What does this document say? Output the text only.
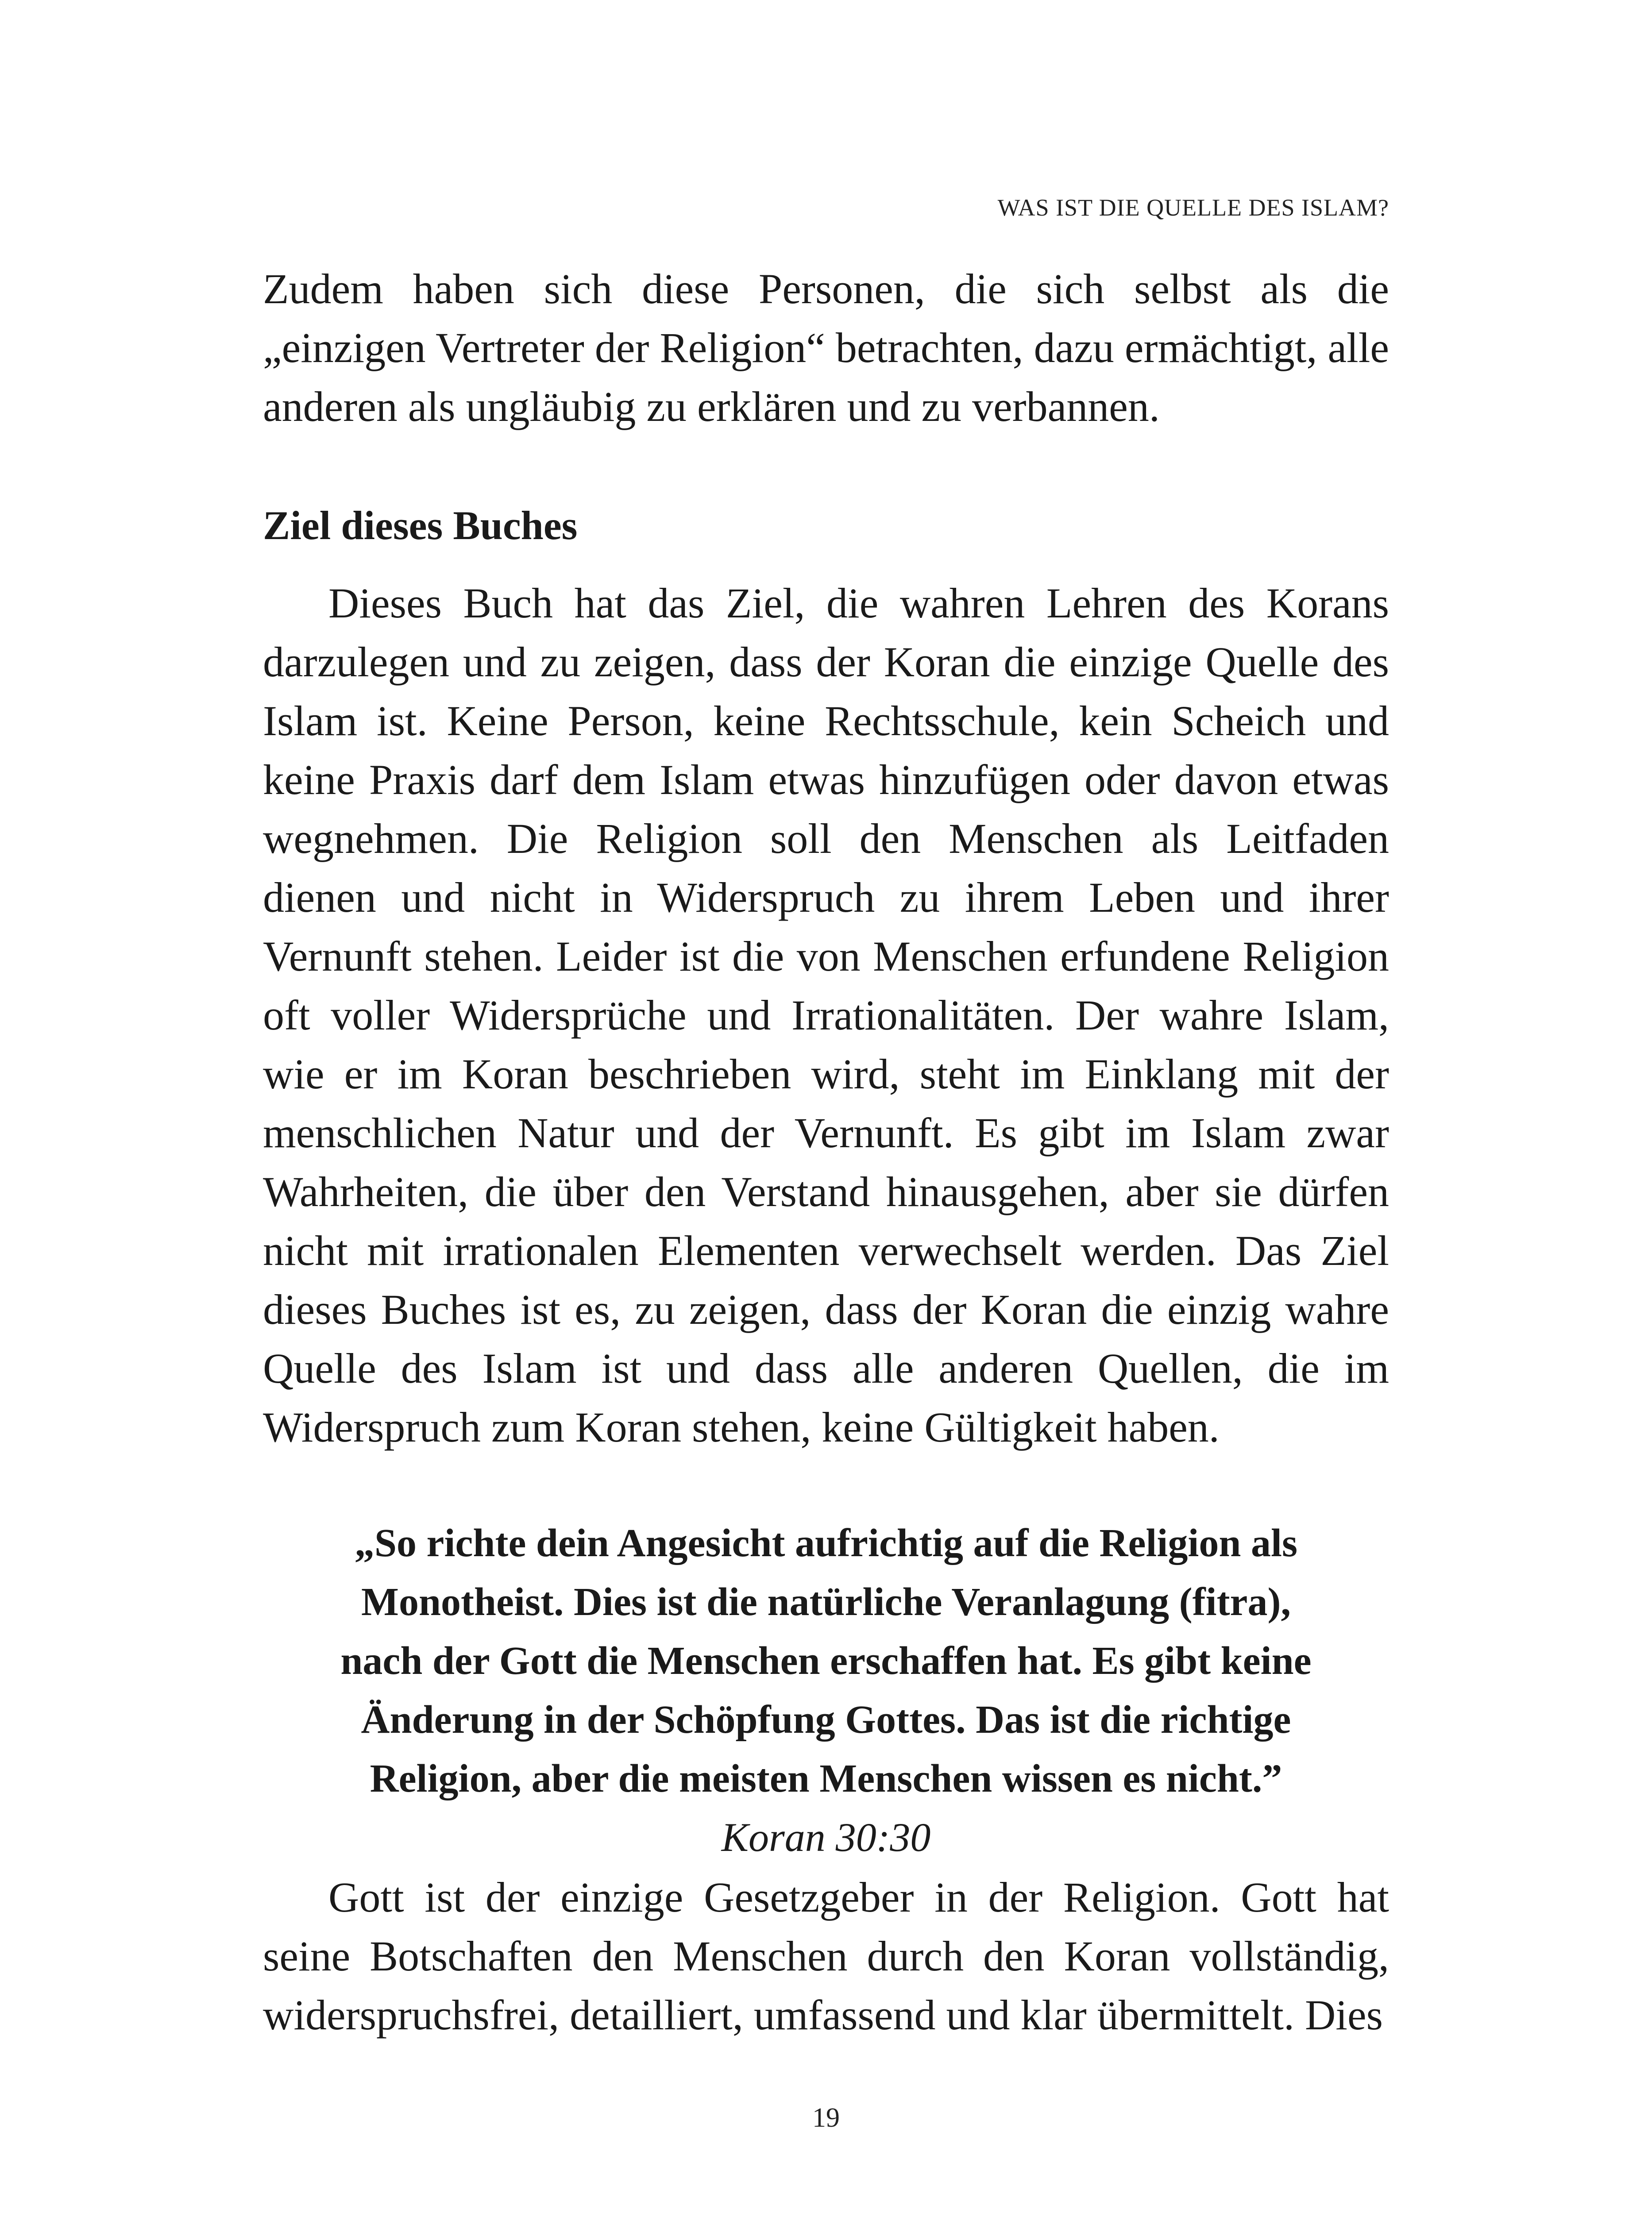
WAS IST DIE QUELLE DES ISLAM?

Zudem haben sich diese Personen, die sich selbst als die „einzigen Vertreter der Religion“ betrachten, dazu ermächtigt, alle anderen als ungläubig zu erklären und zu verbannen.

Ziel dieses Buches

Dieses Buch hat das Ziel, die wahren Lehren des Korans darzulegen und zu zeigen, dass der Koran die einzige Quelle des Islam ist. Keine Person, keine Rechtsschule, kein Scheich und keine Praxis darf dem Islam etwas hinzufügen oder davon etwas wegnehmen. Die Religion soll den Menschen als Leitfaden dienen und nicht in Widerspruch zu ihrem Leben und ihrer Vernunft stehen. Leider ist die von Menschen erfundene Religion oft voller Widersprüche und Irrationalitäten. Der wahre Islam, wie er im Koran beschrieben wird, steht im Einklang mit der menschlichen Natur und der Vernunft. Es gibt im Islam zwar Wahrheiten, die über den Verstand hinausgehen, aber sie dürfen nicht mit irrationalen Elementen verwechselt werden. Das Ziel dieses Buches ist es, zu zeigen, dass der Koran die einzig wahre Quelle des Islam ist und dass alle anderen Quellen, die im Widerspruch zum Koran stehen, keine Gültigkeit haben.

„So richte dein Angesicht aufrichtig auf die Religion als
Monotheist. Dies ist die natürliche Veranlagung (fitra),
nach der Gott die Menschen erschaffen hat. Es gibt keine
Änderung in der Schöpfung Gottes. Das ist die richtige
Religion, aber die meisten Menschen wissen es nicht.”
Koran 30:30

Gott ist der einzige Gesetzgeber in der Religion. Gott hat seine Botschaften den Menschen durch den Koran vollständig, widerspruchsfrei, detailliert, umfassend und klar übermittelt. Dies

19
